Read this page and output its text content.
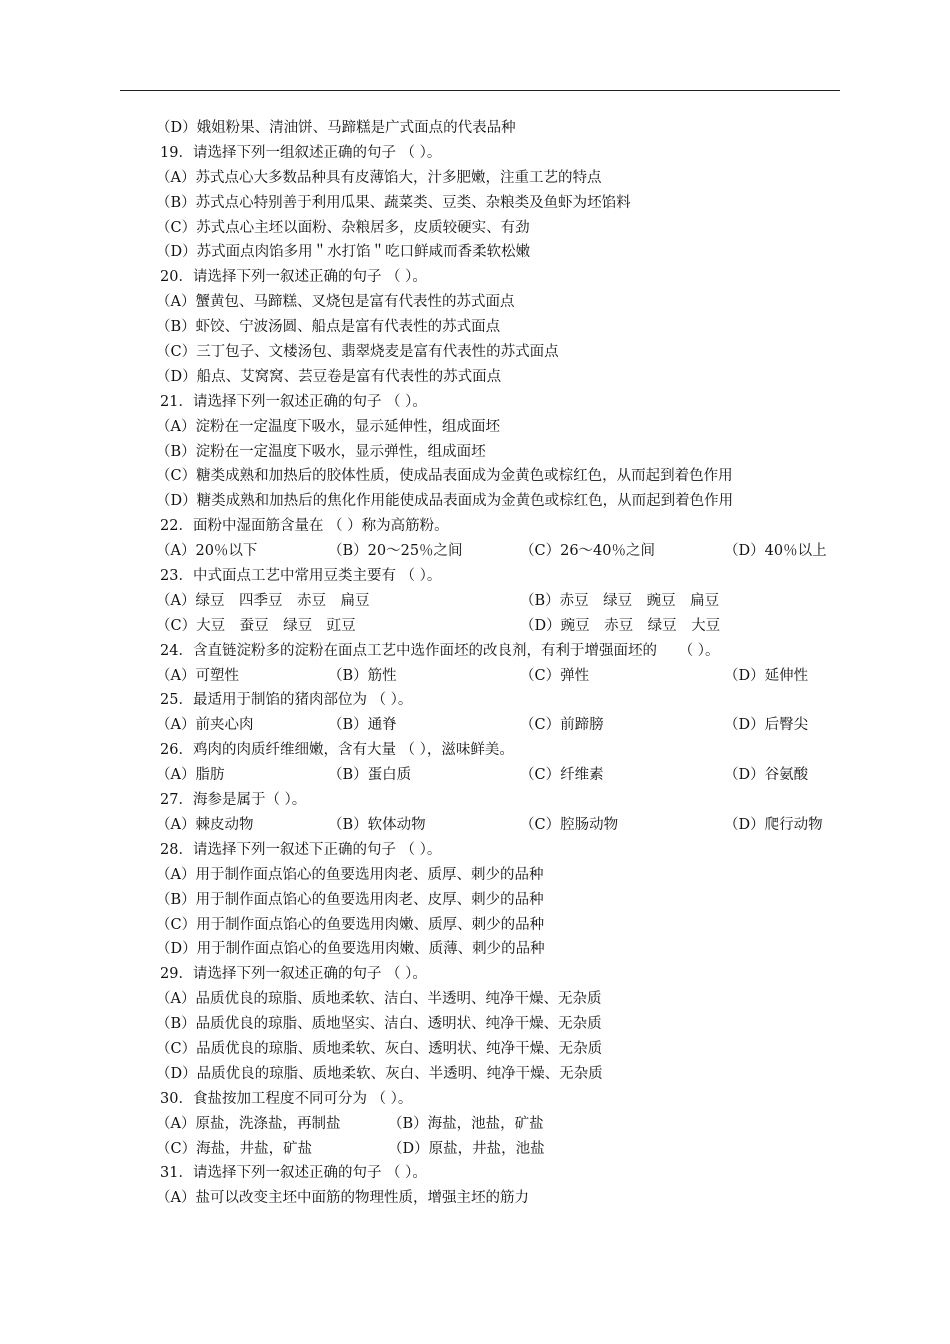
（D）娥姐粉果、清油饼、马蹄糕是广式面点的代表品种
19．请选择下列一组叙述正确的句子 （ ）。
（A）苏式点心大多数品种具有皮薄馅大，汁多肥嫩，注重工艺的特点
（B）苏式点心特别善于利用瓜果、蔬菜类、豆类、杂粮类及鱼虾为坯馅料
（C）苏式点心主坯以面粉、杂粮居多，皮质较硬实、有劲
（D）苏式面点肉馅多用＂水打馅＂吃口鲜咸而香柔软松嫩
20．请选择下列一叙述正确的句子 （ ）。
（A）蟹黄包、马蹄糕、叉烧包是富有代表性的苏式面点
（B）虾饺、宁波汤圆、船点是富有代表性的苏式面点
（C）三丁包子、文楼汤包、翡翠烧麦是富有代表性的苏式面点
（D）船点、艾窝窝、芸豆卷是富有代表性的苏式面点
21．请选择下列一叙述正确的句子 （ ）。
（A）淀粉在一定温度下吸水，显示延伸性，组成面坯
（B）淀粉在一定温度下吸水，显示弹性，组成面坯
（C）糖类成熟和加热后的胶体性质，使成品表面成为金黄色或棕红色，从而起到着色作用
（D）糖类成熟和加热后的焦化作用能使成品表面成为金黄色或棕红色，从而起到着色作用
22．面粉中湿面筋含量在 （ ）称为高筋粉。
（A）20％以下	（B）20～25％之间	（C）26～40％之间	（D）40％以上
23．中式面点工艺中常用豆类主要有 （ ）。
（A）绿豆　四季豆　赤豆　扁豆	（B）赤豆　绿豆　豌豆　扁豆
（C）大豆　蚕豆　绿豆　豇豆	（D）豌豆　赤豆　绿豆　大豆
24．含直链淀粉多的淀粉在面点工艺中选作面坯的改良剂，有利于增强面坯的　　（ ）。
（A）可塑性	（B）筋性	（C）弹性	（D）延伸性
25．最适用于制馅的猪肉部位为 （ ）。
（A）前夹心肉	（B）通脊	（C）前蹄膀	（D）后臀尖
26．鸡肉的肉质纤维细嫩，含有大量 （ ），滋味鲜美。
（A）脂肪	（B）蛋白质	（C）纤维素	（D）谷氨酸
27．海参是属于（ ）。
（A）棘皮动物	（B）软体动物	（C）腔肠动物	（D）爬行动物
28．请选择下列一叙述下正确的句子 （ ）。
（A）用于制作面点馅心的鱼要选用肉老、质厚、刺少的品种
（B）用于制作面点馅心的鱼要选用肉老、皮厚、刺少的品种
（C）用于制作面点馅心的鱼要选用肉嫩、质厚、刺少的品种
（D）用于制作面点馅心的鱼要选用肉嫩、质薄、刺少的品种
29．请选择下列一叙述正确的句子 （ ）。
（A）品质优良的琼脂、质地柔软、洁白、半透明、纯净干燥、无杂质
（B）品质优良的琼脂、质地坚实、洁白、透明状、纯净干燥、无杂质
（C）品质优良的琼脂、质地柔软、灰白、透明状、纯净干燥、无杂质
（D）品质优良的琼脂、质地柔软、灰白、半透明、纯净干燥、无杂质
30．食盐按加工程度不同可分为 （ ）。
（A）原盐，洗涤盐，再制盐	（B）海盐，池盐，矿盐
（C）海盐，井盐，矿盐	（D）原盐，井盐，池盐
31．请选择下列一叙述正确的句子 （ ）。
（A）盐可以改变主坯中面筋的物理性质，增强主坯的筋力
